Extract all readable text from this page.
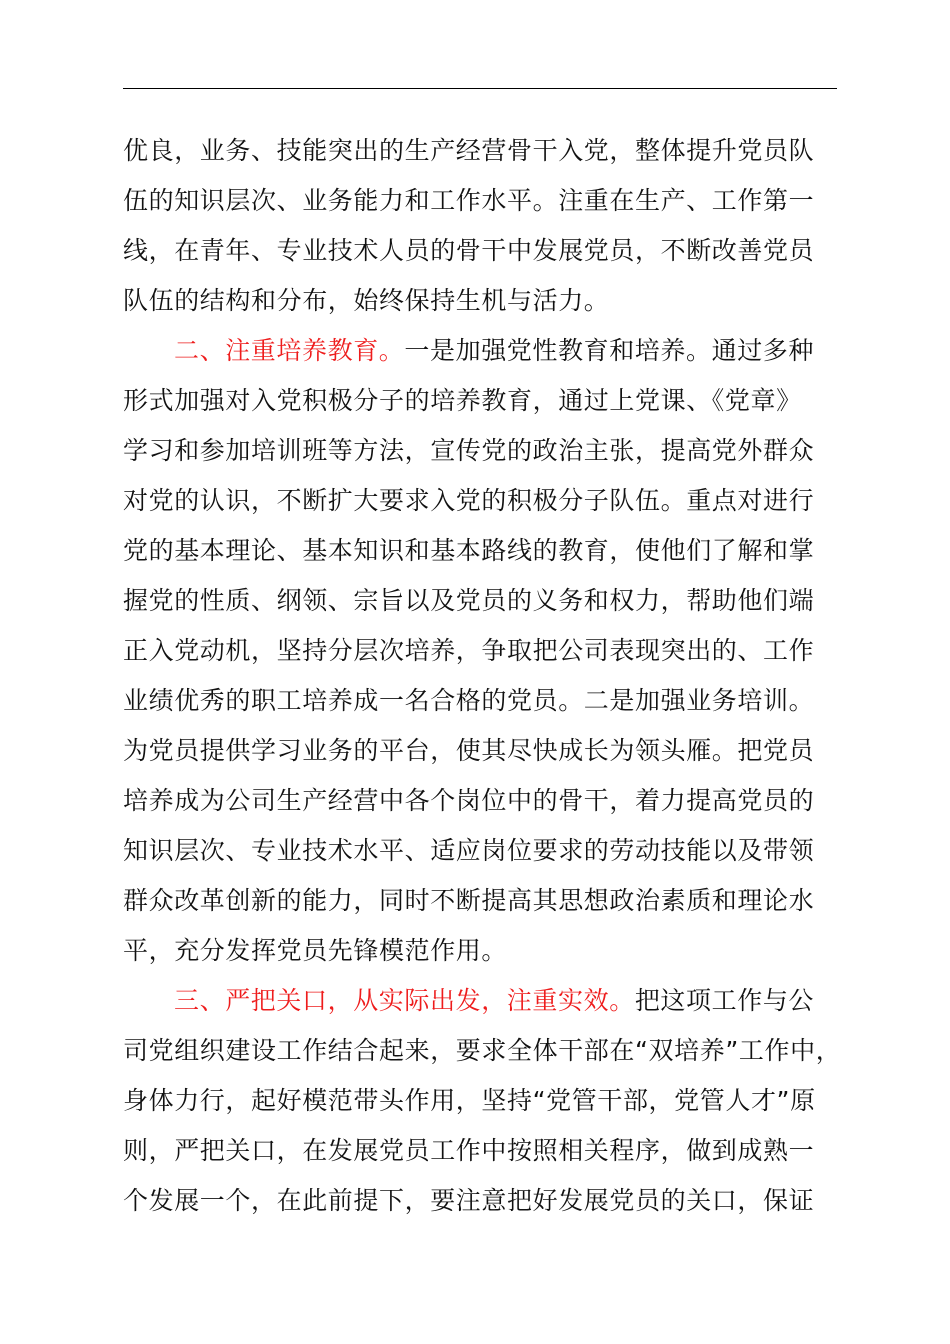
优良，业务、技能突出的生产经营骨干入党，整体提升党员队
伍的知识层次、业务能力和工作水平。注重在生产、工作第一
线，在青年、专业技术人员的骨干中发展党员，不断改善党员
队伍的结构和分布，始终保持生机与活力。
二、注重培养教育。一是加强党性教育和培养。通过多种
形式加强对入党积极分子的培养教育，通过上党课、《党章》
学习和参加培训班等方法，宣传党的政治主张，提高党外群众
对党的认识，不断扩大要求入党的积极分子队伍。重点对进行
党的基本理论、基本知识和基本路线的教育，使他们了解和掌
握党的性质、纲领、宗旨以及党员的义务和权力，帮助他们端
正入党动机，坚持分层次培养，争取把公司表现突出的、工作
业绩优秀的职工培养成一名合格的党员。二是加强业务培训。
为党员提供学习业务的平台，使其尽快成长为领头雁。把党员
培养成为公司生产经营中各个岗位中的骨干，着力提高党员的
知识层次、专业技术水平、适应岗位要求的劳动技能以及带领
群众改革创新的能力，同时不断提高其思想政治素质和理论水
平，充分发挥党员先锋模范作用。
三、严把关口，从实际出发，注重实效。把这项工作与公
司党组织建设工作结合起来，要求全体干部在“双培养”工作中，
身体力行，起好模范带头作用，坚持“党管干部，党管人才”原
则，严把关口，在发展党员工作中按照相关程序，做到成熟一
个发展一个，在此前提下，要注意把好发展党员的关口，保证
